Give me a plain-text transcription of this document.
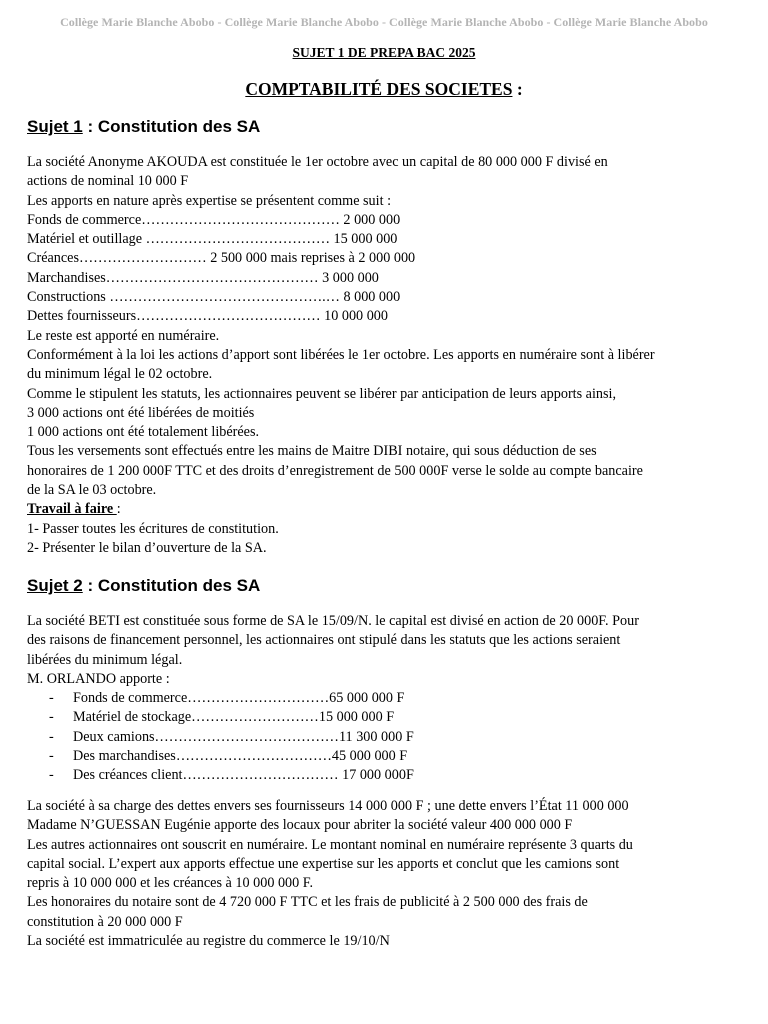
Collège Marie Blanche Abobo - Collège Marie Blanche Abobo - Collège Marie Blanche Abobo - Collège Marie Blanche Abobo
SUJET 1 DE PREPA BAC 2025
COMPTABILITÉ DES SOCIETES :
Sujet 1 : Constitution des SA
La société Anonyme AKOUDA est constituée le 1er octobre avec un capital de 80 000 000 F divisé en
actions de nominal 10 000 F
Les apports en nature après expertise se présentent comme suit :
Fonds de commerce…………………………………… 2 000 000
Matériel et outillage ………………………………… 15 000 000
Créances……………………… 2 500 000 mais reprises à 2 000 000
Marchandises……………………………………… 3 000 000
Constructions ……………………………………….… 8 000 000
Dettes fournisseurs………………………………… 10 000 000
Le reste est apporté en numéraire.
Conformément à la loi les actions d’apport sont libérées le 1er octobre. Les apports en numéraire sont à libérer
du minimum légal le 02 octobre.
Comme le stipulent les statuts, les actionnaires peuvent se libérer par anticipation de leurs apports ainsi,
3 000 actions ont été libérées de moitiés
1 000 actions ont été totalement libérées.
Tous les versements sont effectués entre les mains de Maitre DIBI notaire, qui sous déduction de ses
honoraires de 1 200 000F TTC et des droits d’enregistrement de 500 000F verse le solde au compte bancaire
de la SA le 03 octobre.
Travail à faire :
1- Passer toutes les écritures de constitution.
2- Présenter le bilan d’ouverture de la SA.
Sujet 2 : Constitution des SA
La société BETI est constituée sous forme de SA le 15/09/N. le capital est divisé en action de 20 000F. Pour
des raisons de financement personnel, les actionnaires ont stipulé dans les statuts que les actions seraient
libérées du minimum légal.
M. ORLANDO apporte :
- Fonds de commerce…………………………65 000 000 F
- Matériel de stockage………………………15 000 000 F
- Deux camions…………………………………11 300 000 F
- Des marchandises……………………………45 000 000 F
- Des créances client…………………………… 17 000 000F
La société à sa charge des dettes envers ses fournisseurs 14 000 000 F ; une dette envers l’État 11 000 000
Madame N’GUESSAN Eugénie apporte des locaux pour abriter la société valeur 400 000 000 F
Les autres actionnaires ont souscrit en numéraire. Le montant nominal en numéraire représente 3 quarts du
capital social. L’expert aux apports effectue une expertise sur les apports et conclut que les camions sont
repris à 10 000 000 et les créances à 10 000 000 F.
Les honoraires du notaire sont de 4 720 000 F TTC et les frais de publicité à 2 500 000 des frais de
constitution à 20 000 000 F
La société est immatriculée au registre du commerce le 19/10/N
